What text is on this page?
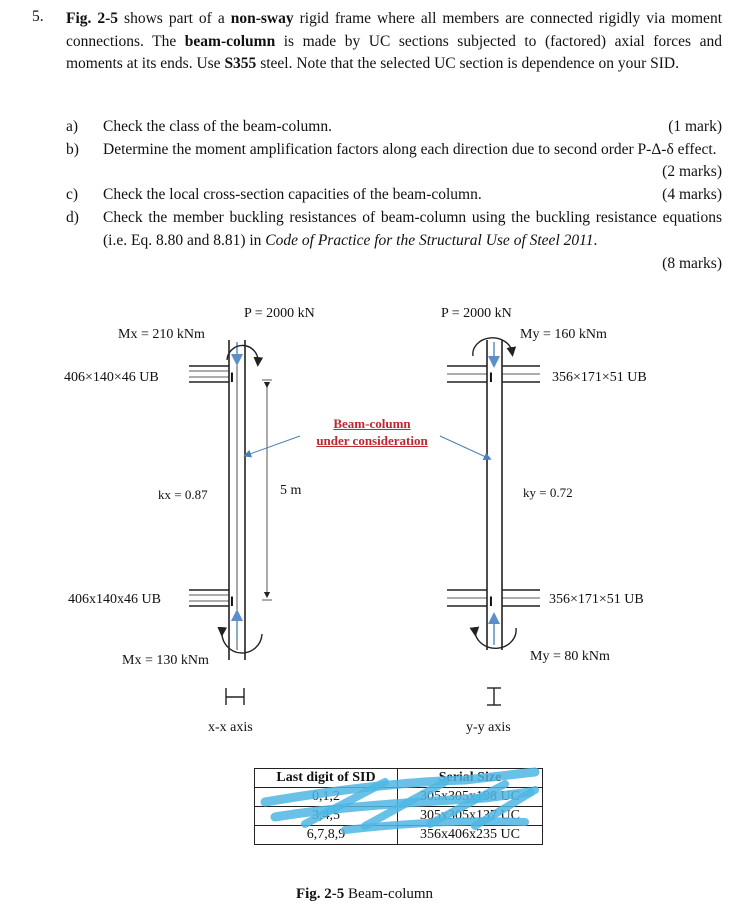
5. Fig. 2-5 shows part of a non-sway rigid frame where all members are connected rigidly via moment connections. The beam-column is made by UC sections subjected to (factored) axial forces and moments at its ends. Use S355 steel. Note that the selected UC section is dependence on your SID.
a) Check the class of the beam-column.	(1 mark)
b) Determine the moment amplification factors along each direction due to second order P-Δ-δ effect.
(2 marks)
c) Check the local cross-section capacities of the beam-column.	(4 marks)
d) Check the member buckling resistances of beam-column using the buckling resistance equations (i.e. Eq. 8.80 and 8.81) in Code of Practice for the Structural Use of Steel 2011.
(8 marks)
I
I
I
I
P = 2000 kN
Mx = 210 kNm
406×140×46 UB
kx = 0.87	5 m
406x140x46 UB
Mx = 130 kNm
x-x axis
P = 2000 kN
My = 160 kNm
356×171×51 UB
ky = 0.72
356×171×51 UB
My = 80 kNm
y-y axis
Beam-column
under consideration
Last digit of SID	Serial Size
0,1,2	305x305x198 UC
3,4,5	305x305x137 UC
6,7,8,9	356x406x235 UC
Fig. 2-5 Beam-column
